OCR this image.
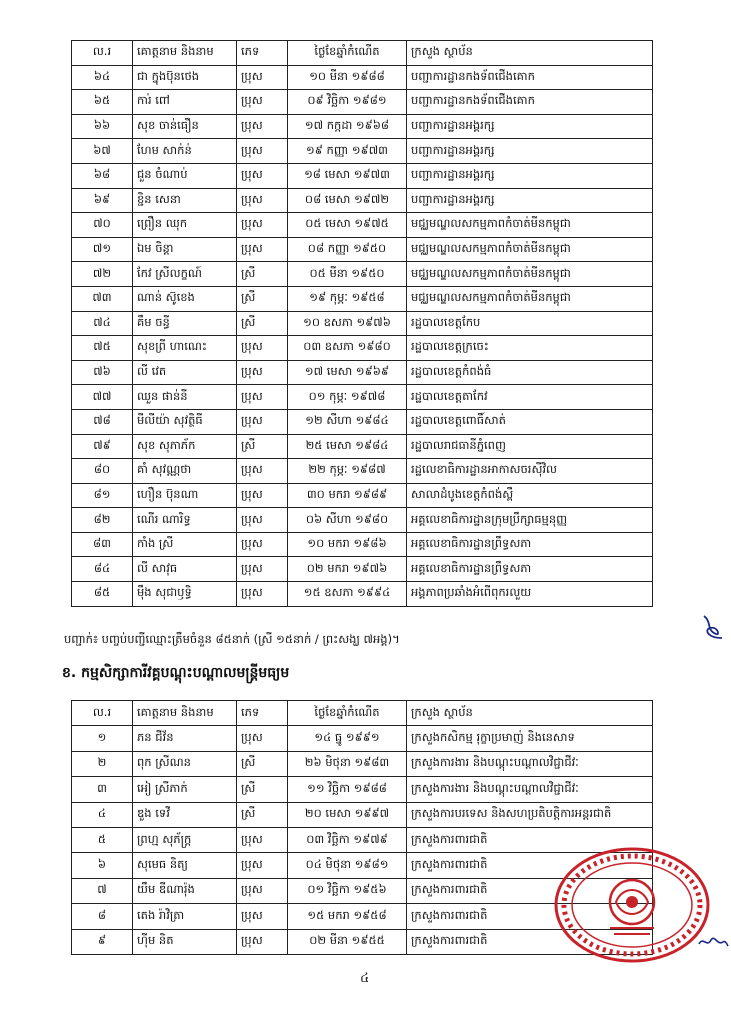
ល.រ	គោត្តនាម និងនាម	ភេទ	ថ្ងៃខែឆ្នាំកំណើត	ក្រសួង ស្ថាប័ន
៦៤	ជា ក្នុងប៊ុនថេង	ប្រុស	១០ មីនា ១៩៨៨	បញ្ជាការដ្ឋានកងទ័ពជើងគោក
៦៥	ការ់ ពៅ	ប្រុស	០៩ វិច្ឆិកា ១៩៨១	បញ្ជាការដ្ឋានកងទ័ពជើងគោក
៦៦	សុខ ចាន់ធឿន	ប្រុស	១៧ កក្កដា ១៩៦៨	បញ្ជាការដ្ឋានអង្គរក្ស
៦៧	ហែម សាក់ន់	ប្រុស	១៩ កញ្ញា ១៩៧៣	បញ្ជាការដ្ឋានអង្គរក្ស
៦៨	ជួន ចំណាប់	ប្រុស	១៨ មេសា ១៩៧៣	បញ្ជាការដ្ឋានអង្គរក្ស
៦៩	ខ្ជិន សេនា	ប្រុស	០៨ មេសា ១៩៧២	បញ្ជាការដ្ឋានអង្គរក្ស
៧០	ព្រឿន ឈុក	ប្រុស	០៥ មេសា ១៩៧៥	មជ្ឈមណ្ឌលសកម្មភាពកំចាត់មីនកម្ពុជា
៧១	ឯម ចិន្តា	ប្រុស	០៨ កញ្ញា ១៩៥០	មជ្ឈមណ្ឌលសកម្មភាពកំចាត់មីនកម្ពុជា
៧២	កែវ ស្រីលក្ខណ៍	ស្រី	០៥ មីនា ១៩៥០	មជ្ឈមណ្ឌលសកម្មភាពកំចាត់មីនកម្ពុជា
៧៣	ណាន់ ស៊ូខេង	ស្រី	១៩ កុម្ភៈ ១៩៥៨	មជ្ឈមណ្ឌលសកម្មភាពកំចាត់មីនកម្ពុជា
៧៤	គឹម ចន្ធី	ស្រី	១០ ឧសភា ១៩៧៦	រដ្ឋបាលខេត្តកែប
៧៥	សុខព្រី ហាណេះ	ប្រុស	០៣ ឧសភា ១៩៨០	រដ្ឋបាលខេត្តក្រចេះ
៧៦	លី វេត	ប្រុស	១៧ មេសា ១៩៦៩	រដ្ឋបាលខេត្តកំពង់ធំ
៧៧	ឈួន ផាន់នី	ប្រុស	០១ កុម្ភៈ ១៩៧៨	រដ្ឋបាលខេត្តតាកែវ
៧៨	មីលីយ៉ា សុវត្ថិធី	ប្រុស	១២ សីហា ១៩៨៤	រដ្ឋបាលខេត្តពោធិ៍សាត់
៧៩	សុខ សុភាភ័ក	ស្រី	២៥ មេសា ១៩៨៤	រដ្ឋបាលរាជធានីភ្នំពេញ
៨០	គាំ សុវណ្ណថា	ប្រុស	២២ កុម្ភៈ ១៩៨៧	រដ្ឋលេខាធិការដ្ឋានអាកាសចរស៊ីវិល
៨១	ហឿន ប៊ុនណា	ប្រុស	៣០ មករា ១៩៨៩	សាលាដំបូងខេត្តកំពង់ស្ពឺ
៨២	ណើរ ណារិទ្ធ	ប្រុស	០៦ សីហា ១៩៨០	អគ្គលេខាធិការដ្ឋានក្រុមប្រឹក្សាធម្មនុញ្ញ
៨៣	កាំង ស្រី	ប្រុស	១០ មករា ១៩៨៦	អគ្គលេខាធិការដ្ឋានព្រឹទ្ធសភា
៨៤	លី សាវុធ	ប្រុស	០២ មករា ១៩៧៦	អគ្គលេខាធិការដ្ឋានព្រឹទ្ធសភា
៨៥	ម៉ឹង សុជាឫទ្ធិ	ប្រុស	១៥ ឧសភា ១៩៩៤	អង្គភាពប្រឆាំងអំពើពុករលួយ
បញ្ជាក់៖ បញ្ចប់បញ្ជីឈ្មោះត្រឹមចំនួន ៨៥នាក់ (ស្រី ១៥នាក់ / ព្រះសង្ឃ ៧អង្គ)។
ខ. កម្មសិក្សាការីវគ្គបណ្តុះបណ្តាលមន្ត្រីមធ្យម
ល.រ	គោត្តនាម និងនាម	ភេទ	ថ្ងៃខែឆ្នាំកំណើត	ក្រសួង ស្ថាប័ន
១	ភន ជីវ័ន	ប្រុស	១៤ ធ្នូ ១៩៩១	ក្រសួងកសិកម្ម រុក្ខាប្រមាញ់ និងនេសាទ
២	ពុក ស្រីណន	ស្រី	២៦ មិថុនា ១៩៨៣	ក្រសួងការងារ និងបណ្តុះបណ្តាលវិជ្ជាជីវៈ
៣	អៀ ស្រីភាក់	ស្រី	១១ វិច្ឆិកា ១៩៨៨	ក្រសួងការងារ និងបណ្តុះបណ្តាលវិជ្ជាជីវៈ
៤	ឌួង ទេវី	ស្រី	២០ មេសា ១៩៩៧	ក្រសួងការបរទេស និងសហប្រតិបត្តិការអន្តរជាតិ
៥	ព្រហ្ម សុភ័ក្ត្រ	ប្រុស	០៣ វិច្ឆិកា ១៩៧៩	ក្រសួងការពារជាតិ
៦	សុមេធ និត្យ	ប្រុស	០៤ មិថុនា ១៩៨១	ក្រសួងការពារជាតិ
៧	យឹម ឌីណារ៉ុង	ប្រុស	០១ វិច្ឆិកា ១៩៥៦	ក្រសួងការពារជាតិ
៨	តេង រ៉ាវិត្រា	ប្រុស	១៥ មករា ១៩៥៨	ក្រសួងការពារជាតិ
៩	ហ៊ីម និត	ប្រុស	០២ មីនា ១៩៥៥	ក្រសួងការពារជាតិ
៤
